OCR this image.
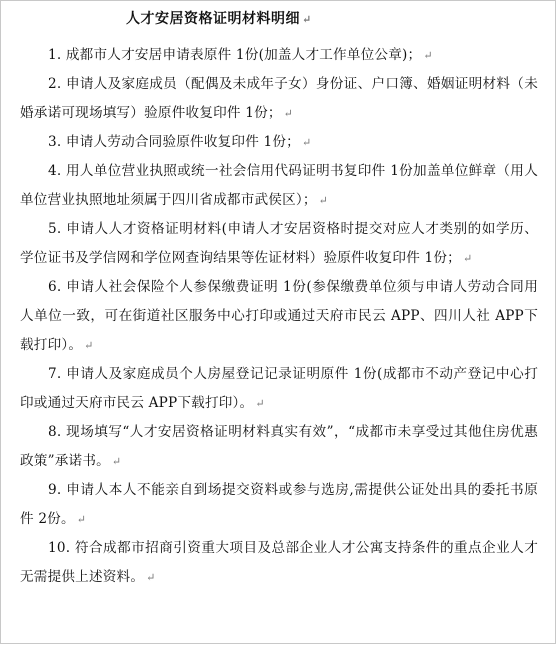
人才安居资格证明材料明细 ↵

1. 成都市人才安居申请表原件 1份(加盖人才工作单位公章)； ↵

2. 申请人及家庭成员（配偶及未成年子女）身份证、户口簿、婚姻证明材料（未婚承诺可现场填写）验原件收复印件 1份； ↵

3. 申请人劳动合同验原件收复印件 1份； ↵

4. 用人单位营业执照或统一社会信用代码证明书复印件 1份加盖单位鲜章（用人单位营业执照地址须属于四川省成都市武侯区）； ↵

5. 申请人人才资格证明材料(申请人才安居资格时提交对应人才类别的如学历、学位证书及学信网和学位网查询结果等佐证材料）验原件收复印件 1份； ↵

6. 申请人社会保险个人参保缴费证明 1份(参保缴费单位须与申请人劳动合同用人单位一致，可在街道社区服务中心打印或通过天府市民云 APP、四川人社 APP下载打印）。 ↵

7. 申请人及家庭成员个人房屋登记记录证明原件 1份(成都市不动产登记中心打印或通过天府市民云 APP下载打印）。 ↵

8. 现场填写“人才安居资格证明材料真实有效”，“成都市未享受过其他住房优惠政策”承诺书。 ↵

9. 申请人本人不能亲自到场提交资料或参与选房,需提供公证处出具的委托书原件 2份。 ↵

10. 符合成都市招商引资重大项目及总部企业人才公寓支持条件的重点企业人才无需提供上述资料。 ↵
